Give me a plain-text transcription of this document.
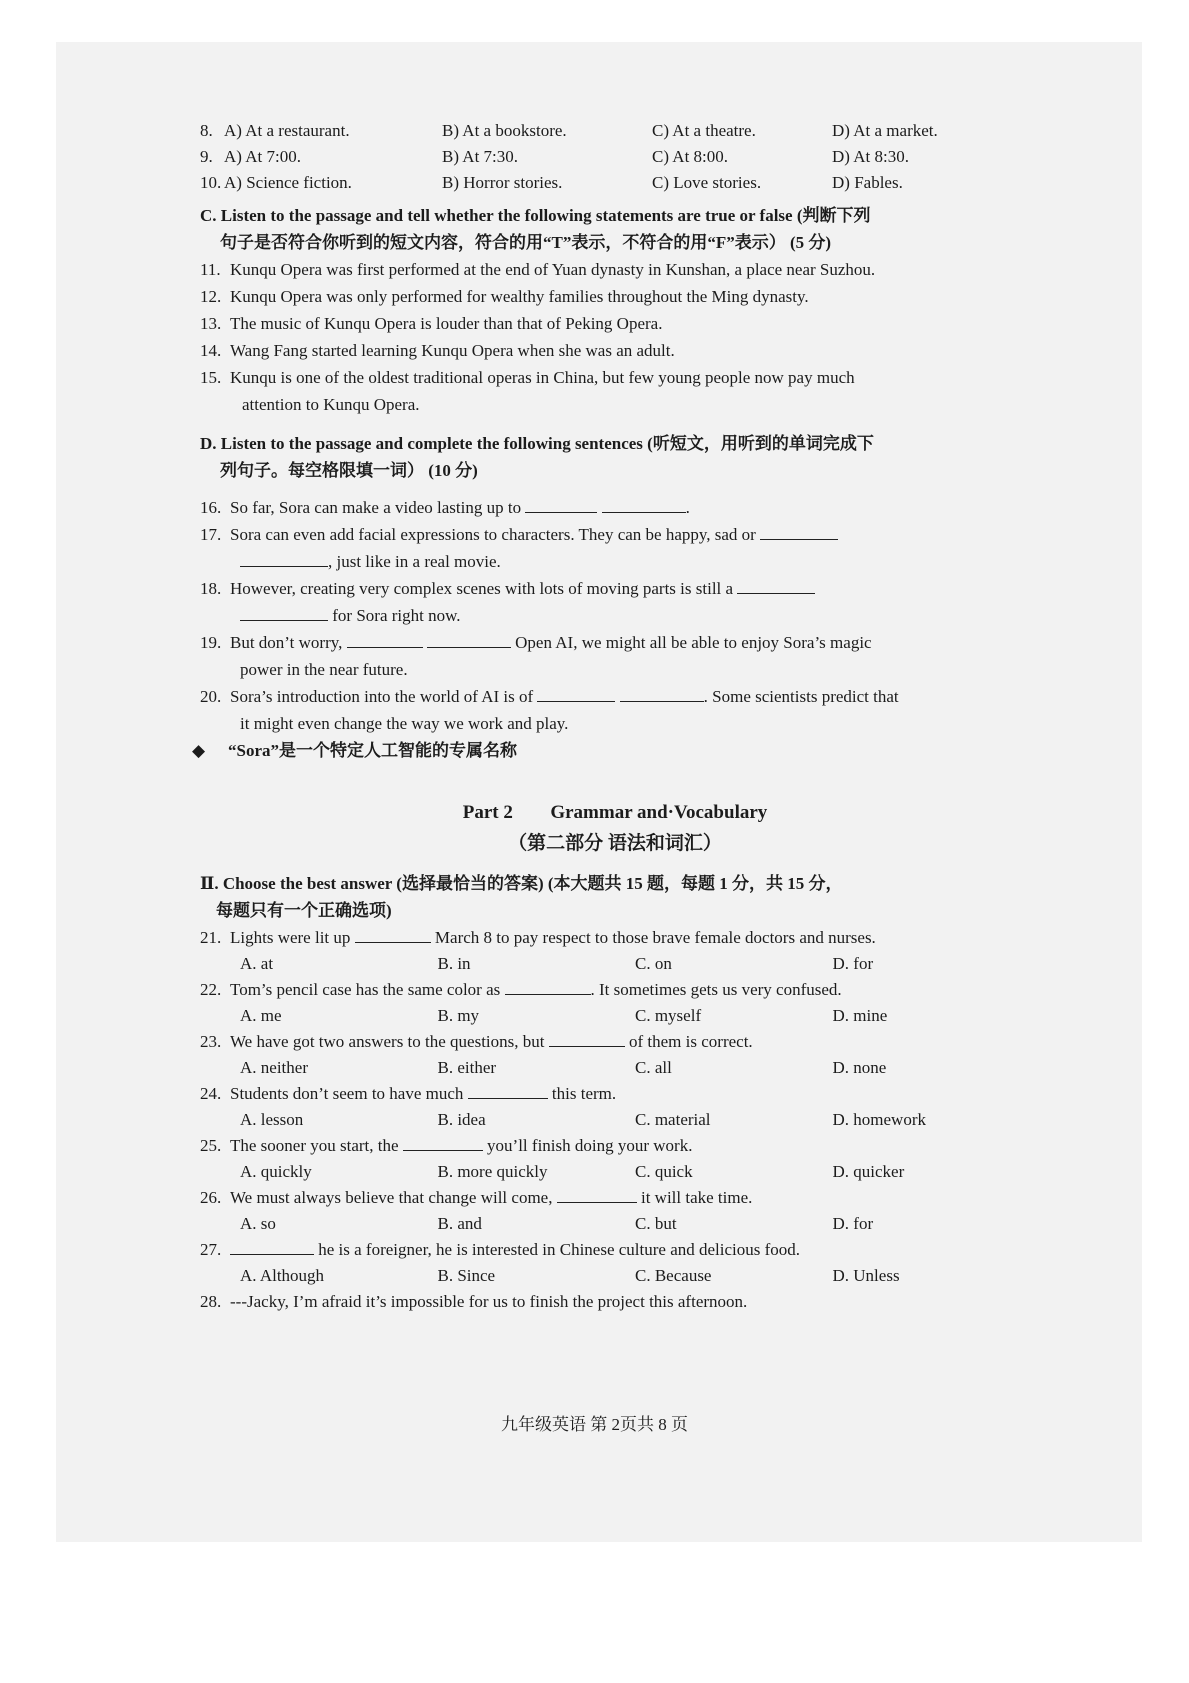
8. A) At a restaurant.	B) At a bookstore.	C) At a theatre.	D) At a market.
9. A) At 7:00.	B) At 7:30.	C) At 8:00.	D) At 8:30.
10. A) Science fiction.	B) Horror stories.	C) Love stories.	D) Fables.
C. Listen to the passage and tell whether the following statements are true or false (判断下列
句子是否符合你听到的短文内容，符合的用“T”表示，不符合的用“F”表示） (5 分)
11. Kunqu Opera was first performed at the end of Yuan dynasty in Kunshan, a place near Suzhou.
12. Kunqu Opera was only performed for wealthy families throughout the Ming dynasty.
13. The music of Kunqu Opera is louder than that of Peking Opera.
14. Wang Fang started learning Kunqu Opera when she was an adult.
15. Kunqu is one of the oldest traditional operas in China, but few young people now pay much
attention to Kunqu Opera.
D. Listen to the passage and complete the following sentences (听短文，用听到的单词完成下
列句子。每空格限填一词） (10 分)
16. So far, Sora can make a video lasting up to	.
17. Sora can even add facial expressions to characters. They can be happy, sad or
, just like in a real movie.
18. However, creating very complex scenes with lots of moving parts is still a
for Sora right now.
19. But don’t worry,	Open AI, we might all be able to enjoy Sora’s magic
power in the near future.
20. Sora’s introduction into the world of AI is of	. Some scientists predict that
it might even change the way we work and play.
◆ “Sora”是一个特定人工智能的专属名称
Part 2 Grammar and·Vocabulary
（第二部分 语法和词汇）
Ⅱ. Choose the best answer (选择最恰当的答案) (本大题共 15 题，每题 1 分，共 15 分，
每题只有一个正确选项)
21. Lights were lit up	March 8 to pay respect to those brave female doctors and nurses.
A. at	B. in	C. on	D. for
22. Tom’s pencil case has the same color as	. It sometimes gets us very confused.
A. me	B. my	C. myself	D. mine
23. We have got two answers to the questions, but	of them is correct.
A. neither	B. either	C. all	D. none
24. Students don’t seem to have much	this term.
A. lesson	B. idea	C. material	D. homework
25. The sooner you start, the	you’ll finish doing your work.
A. quickly	B. more quickly	C. quick	D. quicker
26. We must always believe that change will come,	it will take time.
A. so	B. and	C. but	D. for
27.	he is a foreigner, he is interested in Chinese culture and delicious food.
A. Although	B. Since	C. Because	D. Unless
28. ---Jacky, I’m afraid it’s impossible for us to finish the project this afternoon.
九年级英语 第 2页共 8 页
